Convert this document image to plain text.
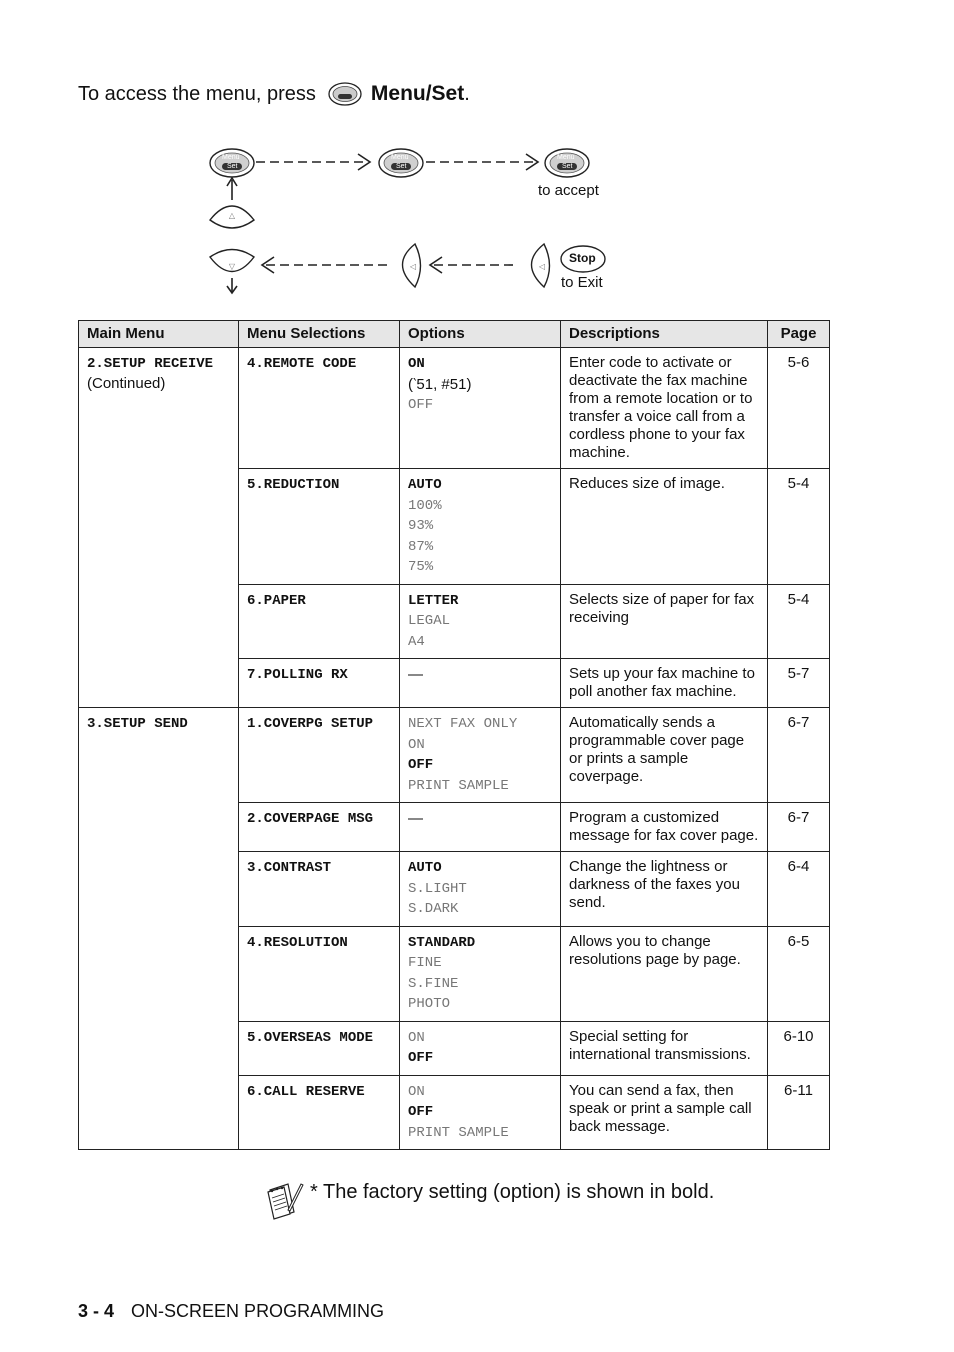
To access the menu, press	Menu/Set .
△
▽	◁	◁
Menu
Set
Menu
Set
Menu
Set
to accept
Stop
to Exit
Main Menu	Menu Selections	Options	Descriptions	Page

2.SETUP RECEIVE
(Continued)	4.REMOTE CODE	ON
(‵51, #51)
OFF	Enter code to activate or deactivate the fax machine from a remote location or to transfer a voice call from a cordless phone to your fax machine.	5-6
	5.REDUCTION	AUTO
100%
93%
87%
75%	Reduces size of image.	5-4
	6.PAPER	LETTER
LEGAL
A4	Selects size of paper for fax receiving	5-4
	7.POLLING RX	—	Sets up your fax machine to poll another fax machine.	5-7

3.SETUP SEND	1.COVERPG SETUP	NEXT FAX ONLY
ON
OFF
PRINT SAMPLE	Automatically sends a programmable cover page or prints a sample coverpage.	6-7
	2.COVERPAGE MSG	—	Program a customized message for fax cover page.	6-7
	3.CONTRAST	AUTO
S.LIGHT
S.DARK	Change the lightness or darkness of the faxes you send.	6-4
	4.RESOLUTION	STANDARD
FINE
S.FINE
PHOTO	Allows you to change resolutions page by page.	6-5
	5.OVERSEAS MODE	ON
OFF	Special setting for international transmissions.	6-10
	6.CALL RESERVE	ON
OFF
PRINT SAMPLE	You can send a fax, then speak or print a sample call back message.	6-11
* The factory setting (option) is shown in bold.
3 - 4 ON-SCREEN PROGRAMMING
